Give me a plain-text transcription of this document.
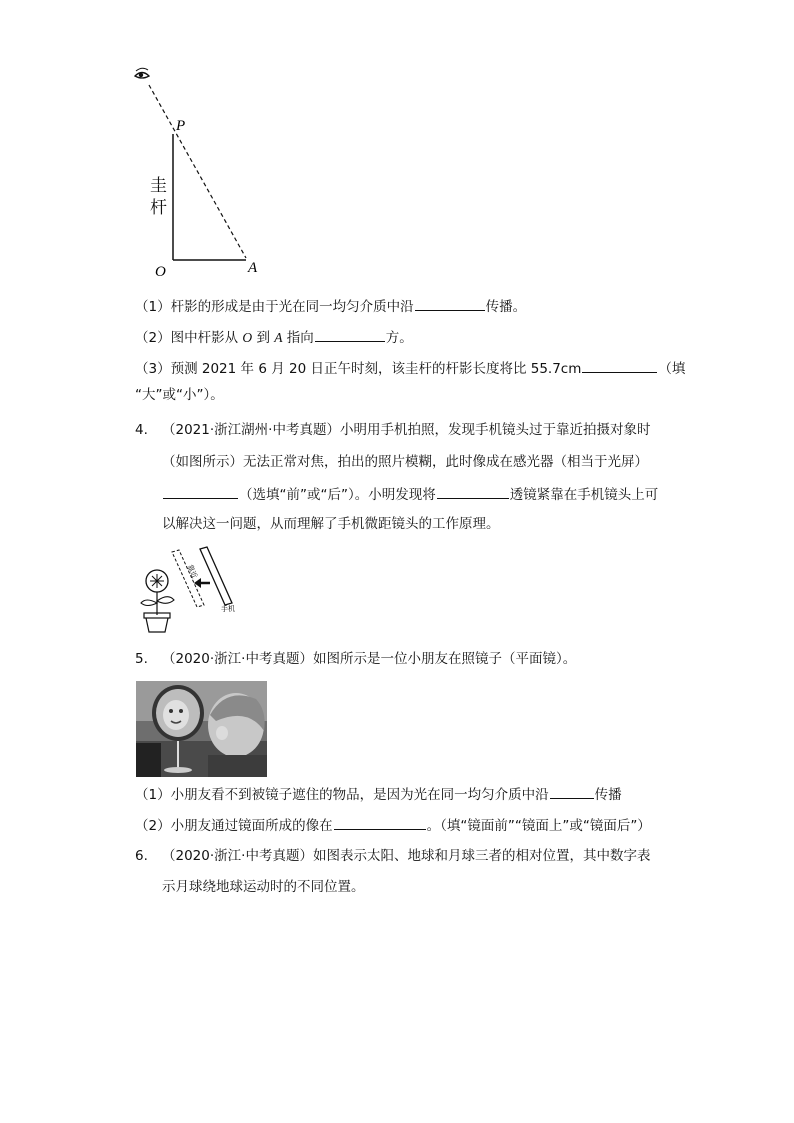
P
O	A
圭
杆
（1）杆影的形成是由于光在同一均匀介质中沿	传播。
（2）图中杆影从 O 到 A 指向	方。
（3）预测 2021 年 6 月 20 日正午时刻，该圭杆的杆影长度将比 55.7cm	（填
“大”或“小”）。
4. （2021·浙江湖州·中考真题）小明用手机拍照，发现手机镜头过于靠近拍摄对象时
（如图所示）无法正常对焦，拍出的照片模糊，此时像成在感光器（相当于光屏）
（选填“前”或“后”）。小明发现将	透镜紧靠在手机镜头上可
以解决这一问题，从而理解了手机微距镜头的工作原理。
靠近
手机
5. （2020·浙江·中考真题）如图所示是一位小朋友在照镜子（平面镜）。
（1）小朋友看不到被镜子遮住的物品，是因为光在同一均匀介质中沿	传播
（2）小朋友通过镜面所成的像在	。（填“镜面前”“镜面上”或“镜面后”）
6. （2020·浙江·中考真题）如图表示太阳、地球和月球三者的相对位置，其中数字表
示月球绕地球运动时的不同位置。
